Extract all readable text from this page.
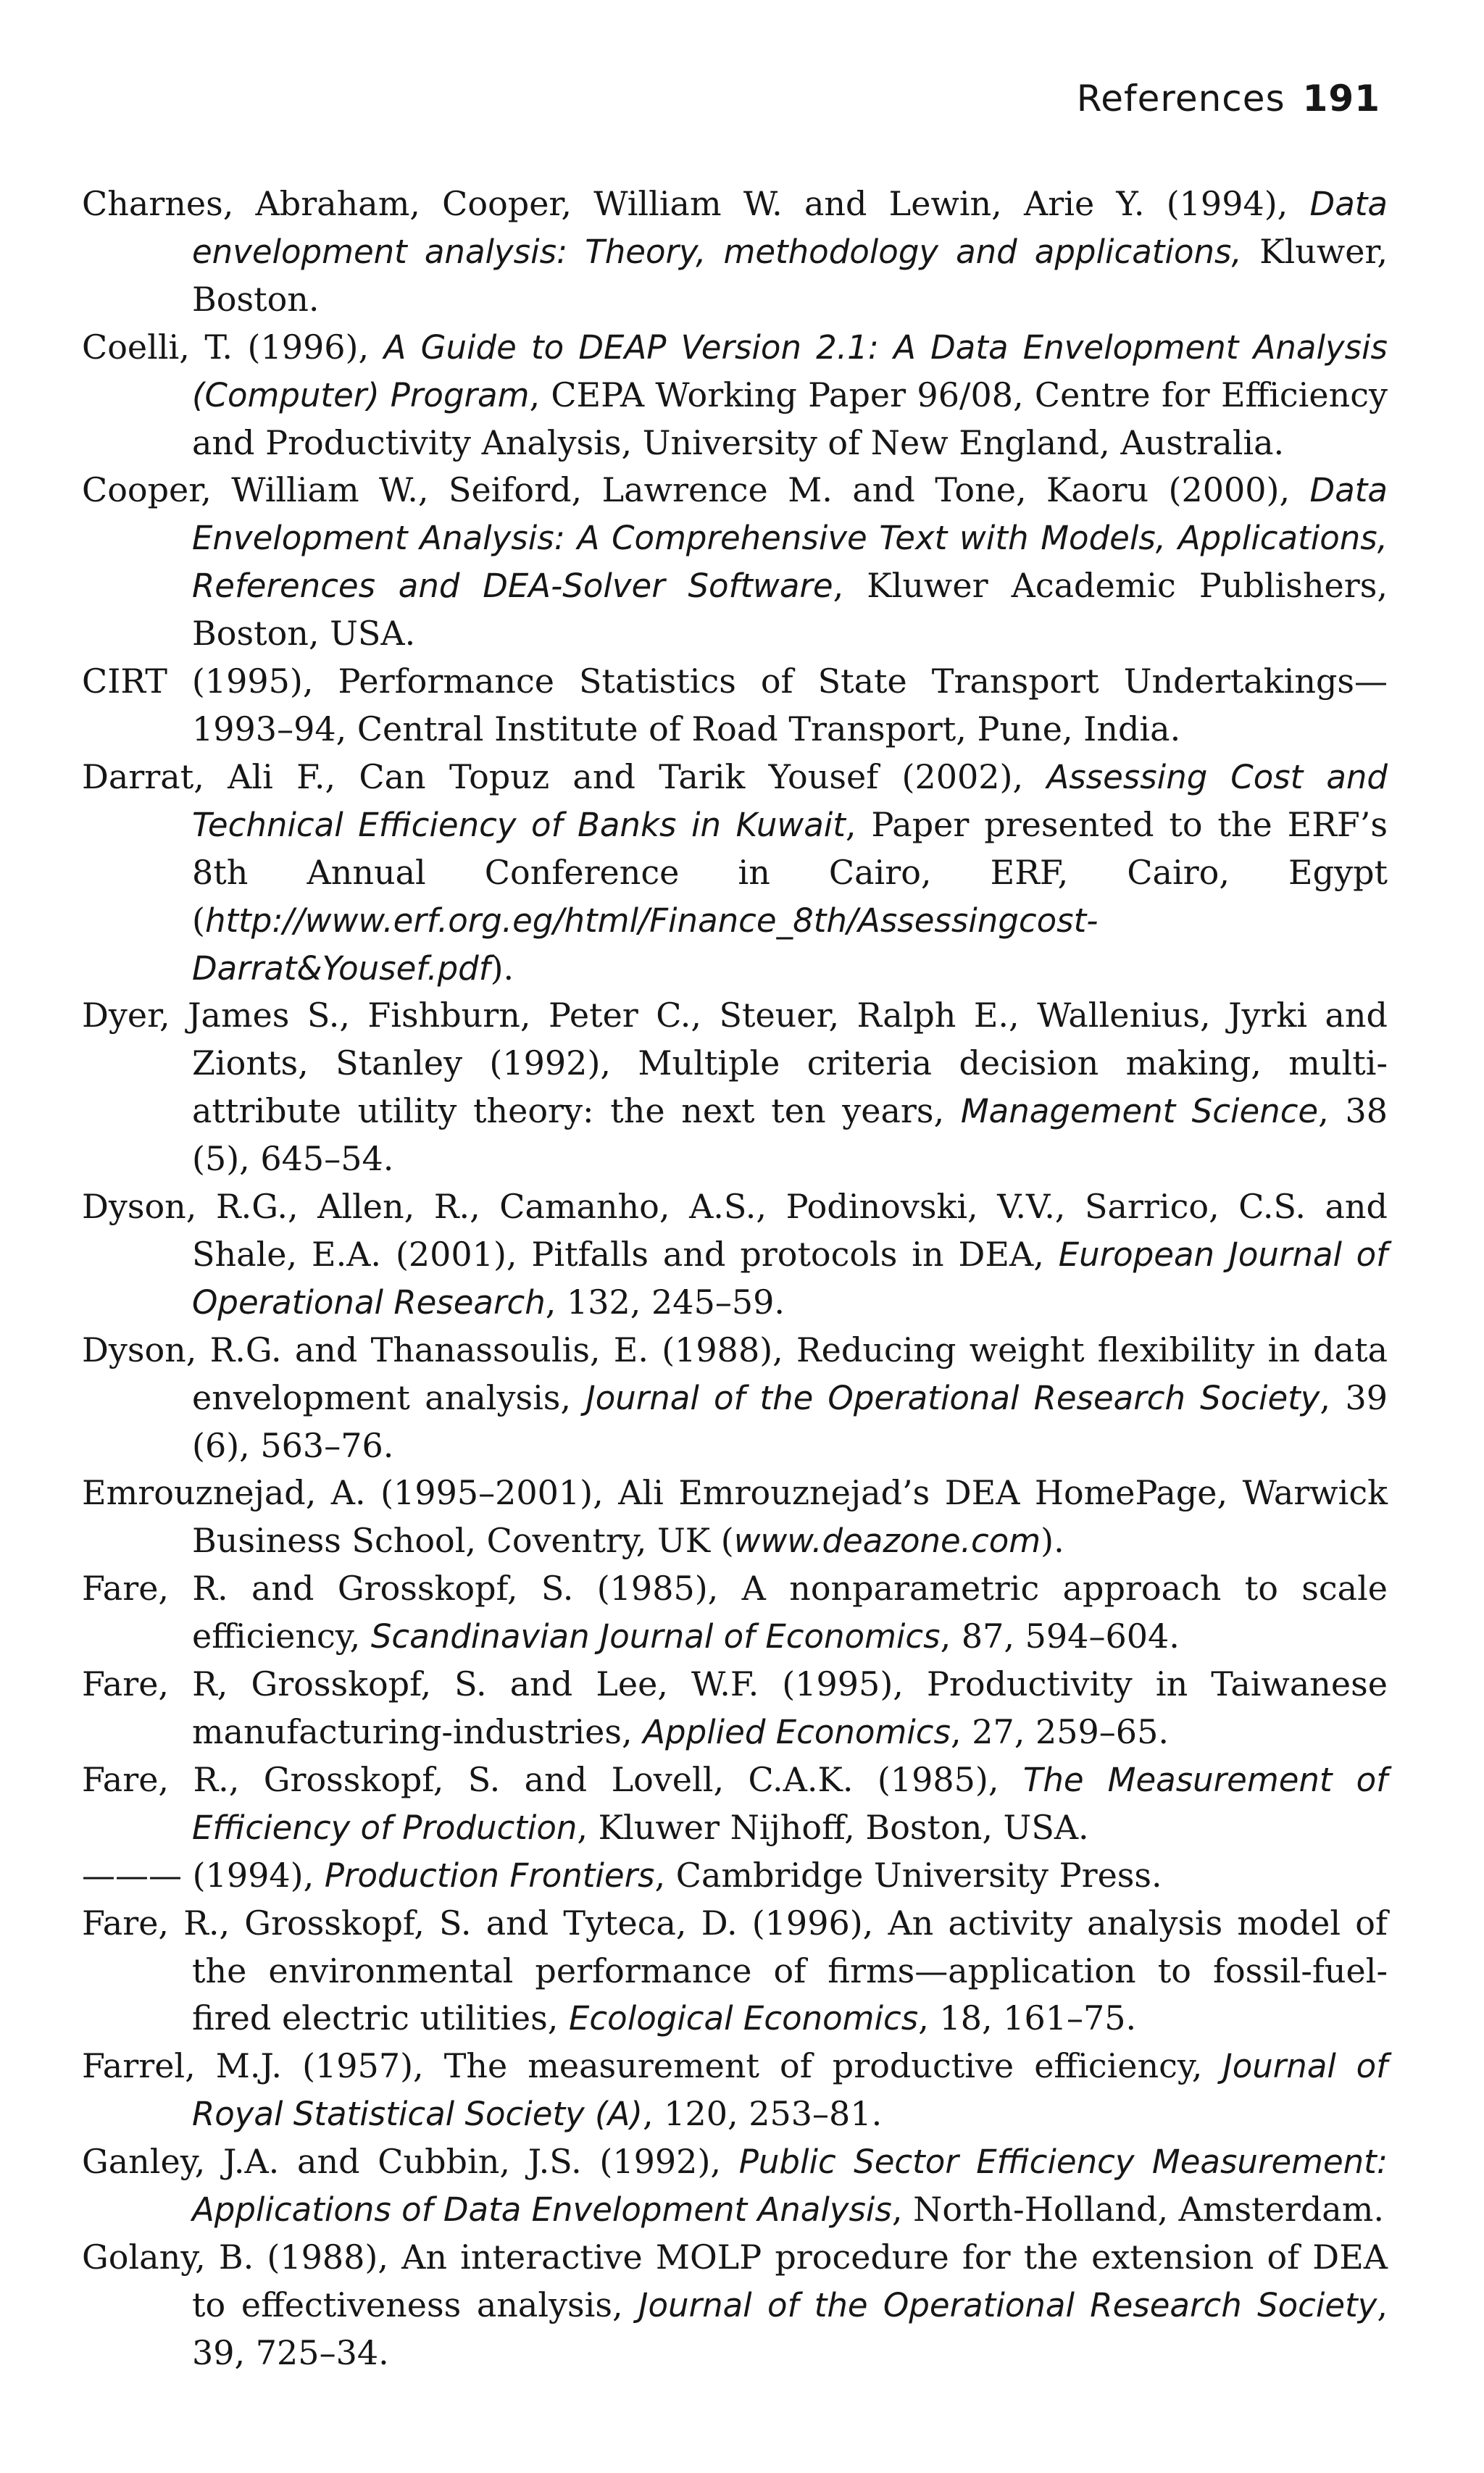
References 191

Charnes, Abraham, Cooper, William W. and Lewin, Arie Y. (1994), Data envelopment analysis: Theory, methodology and applications, Kluwer, Boston.

Coelli, T. (1996), A Guide to DEAP Version 2.1: A Data Envelopment Analysis (Computer) Program, CEPA Working Paper 96/08, Centre for Efficiency and Productivity Analysis, University of New England, Australia.

Cooper, William W., Seiford, Lawrence M. and Tone, Kaoru (2000), Data Envelopment Analysis: A Comprehensive Text with Models, Applications, References and DEA-Solver Software, Kluwer Academic Publishers, Boston, USA.

CIRT (1995), Performance Statistics of State Transport Undertakings— 1993–94, Central Institute of Road Transport, Pune, India.

Darrat, Ali F., Can Topuz and Tarik Yousef (2002), Assessing Cost and Technical Efficiency of Banks in Kuwait, Paper presented to the ERF’s 8th Annual Conference in Cairo, ERF, Cairo, Egypt (http://www.erf.org.eg/html/Finance_8th/Assessingcost-Darrat&Yousef.pdf).

Dyer, James S., Fishburn, Peter C., Steuer, Ralph E., Wallenius, Jyrki and Zionts, Stanley (1992), Multiple criteria decision making, multi-attribute utility theory: the next ten years, Management Science, 38 (5), 645–54.

Dyson, R.G., Allen, R., Camanho, A.S., Podinovski, V.V., Sarrico, C.S. and Shale, E.A. (2001), Pitfalls and protocols in DEA, European Journal of Operational Research, 132, 245–59.

Dyson, R.G. and Thanassoulis, E. (1988), Reducing weight flexibility in data envelopment analysis, Journal of the Operational Research Society, 39 (6), 563–76.

Emrouznejad, A. (1995–2001), Ali Emrouznejad’s DEA HomePage, Warwick Business School, Coventry, UK (www.deazone.com).

Fare, R. and Grosskopf, S. (1985), A nonparametric approach to scale efficiency, Scandinavian Journal of Economics, 87, 594–604.

Fare, R, Grosskopf, S. and Lee, W.F. (1995), Productivity in Taiwanese manufacturing-industries, Applied Economics, 27, 259–65.

Fare, R., Grosskopf, S. and Lovell, C.A.K. (1985), The Measurement of Efficiency of Production, Kluwer Nijhoff, Boston, USA.

——— (1994), Production Frontiers, Cambridge University Press.

Fare, R., Grosskopf, S. and Tyteca, D. (1996), An activity analysis model of the environmental performance of firms—application to fossil-fuel-fired electric utilities, Ecological Economics, 18, 161–75.

Farrel, M.J. (1957), The measurement of productive efficiency, Journal of Royal Statistical Society (A), 120, 253–81.

Ganley, J.A. and Cubbin, J.S. (1992), Public Sector Efficiency Measurement: Applications of Data Envelopment Analysis, North-Holland, Amsterdam.

Golany, B. (1988), An interactive MOLP procedure for the extension of DEA to effectiveness analysis, Journal of the Operational Research Society, 39, 725–34.
